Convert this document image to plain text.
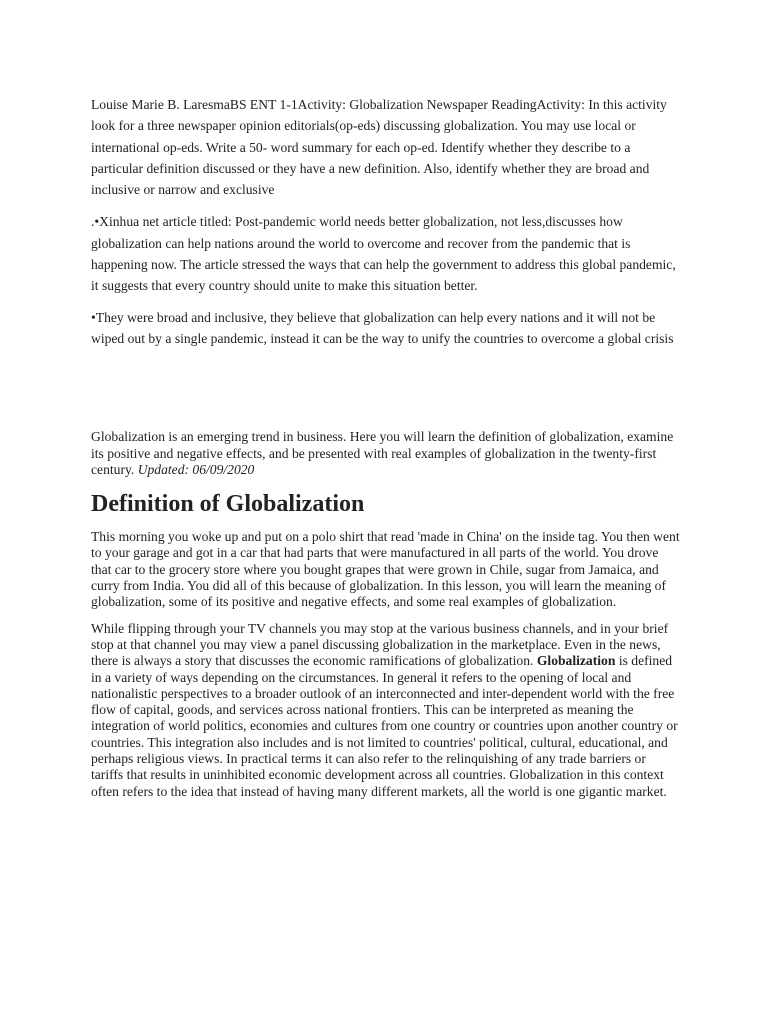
Louise Marie B. LaresmaBS ENT 1-1Activity: Globalization Newspaper ReadingActivity: In this activity look for a three newspaper opinion editorials(op-eds) discussing globalization. You may use local or international op-eds. Write a 50- word summary for each op-ed. Identify whether they describe to a particular definition discussed or they have a new definition. Also, identify whether they are broad and inclusive or narrow and exclusive

.•Xinhua net article titled: Post-pandemic world needs better globalization, not less,discusses how globalization can help nations around the world to overcome and recover from the pandemic that is happening now. The article stressed the ways that can help the government to address this global pandemic, it suggests that every country should unite to make this situation better.

•They were broad and inclusive, they believe that globalization can help every nations and it will not be wiped out by a single pandemic, instead it can be the way to unify the countries to overcome a global crisis

Globalization is an emerging trend in business. Here you will learn the definition of globalization, examine its positive and negative effects, and be presented with real examples of globalization in the twenty-first century. Updated: 06/09/2020

Definition of Globalization

This morning you woke up and put on a polo shirt that read 'made in China' on the inside tag. You then went to your garage and got in a car that had parts that were manufactured in all parts of the world. You drove that car to the grocery store where you bought grapes that were grown in Chile, sugar from Jamaica, and curry from India. You did all of this because of globalization. In this lesson, you will learn the meaning of globalization, some of its positive and negative effects, and some real examples of globalization.

While flipping through your TV channels you may stop at the various business channels, and in your brief stop at that channel you may view a panel discussing globalization in the marketplace. Even in the news, there is always a story that discusses the economic ramifications of globalization. Globalization is defined in a variety of ways depending on the circumstances. In general it refers to the opening of local and nationalistic perspectives to a broader outlook of an interconnected and inter-dependent world with the free flow of capital, goods, and services across national frontiers. This can be interpreted as meaning the integration of world politics, economies and cultures from one country or countries upon another country or countries. This integration also includes and is not limited to countries' political, cultural, educational, and perhaps religious views. In practical terms it can also refer to the relinquishing of any trade barriers or tariffs that results in uninhibited economic development across all countries. Globalization in this context often refers to the idea that instead of having many different markets, all the world is one gigantic market.
